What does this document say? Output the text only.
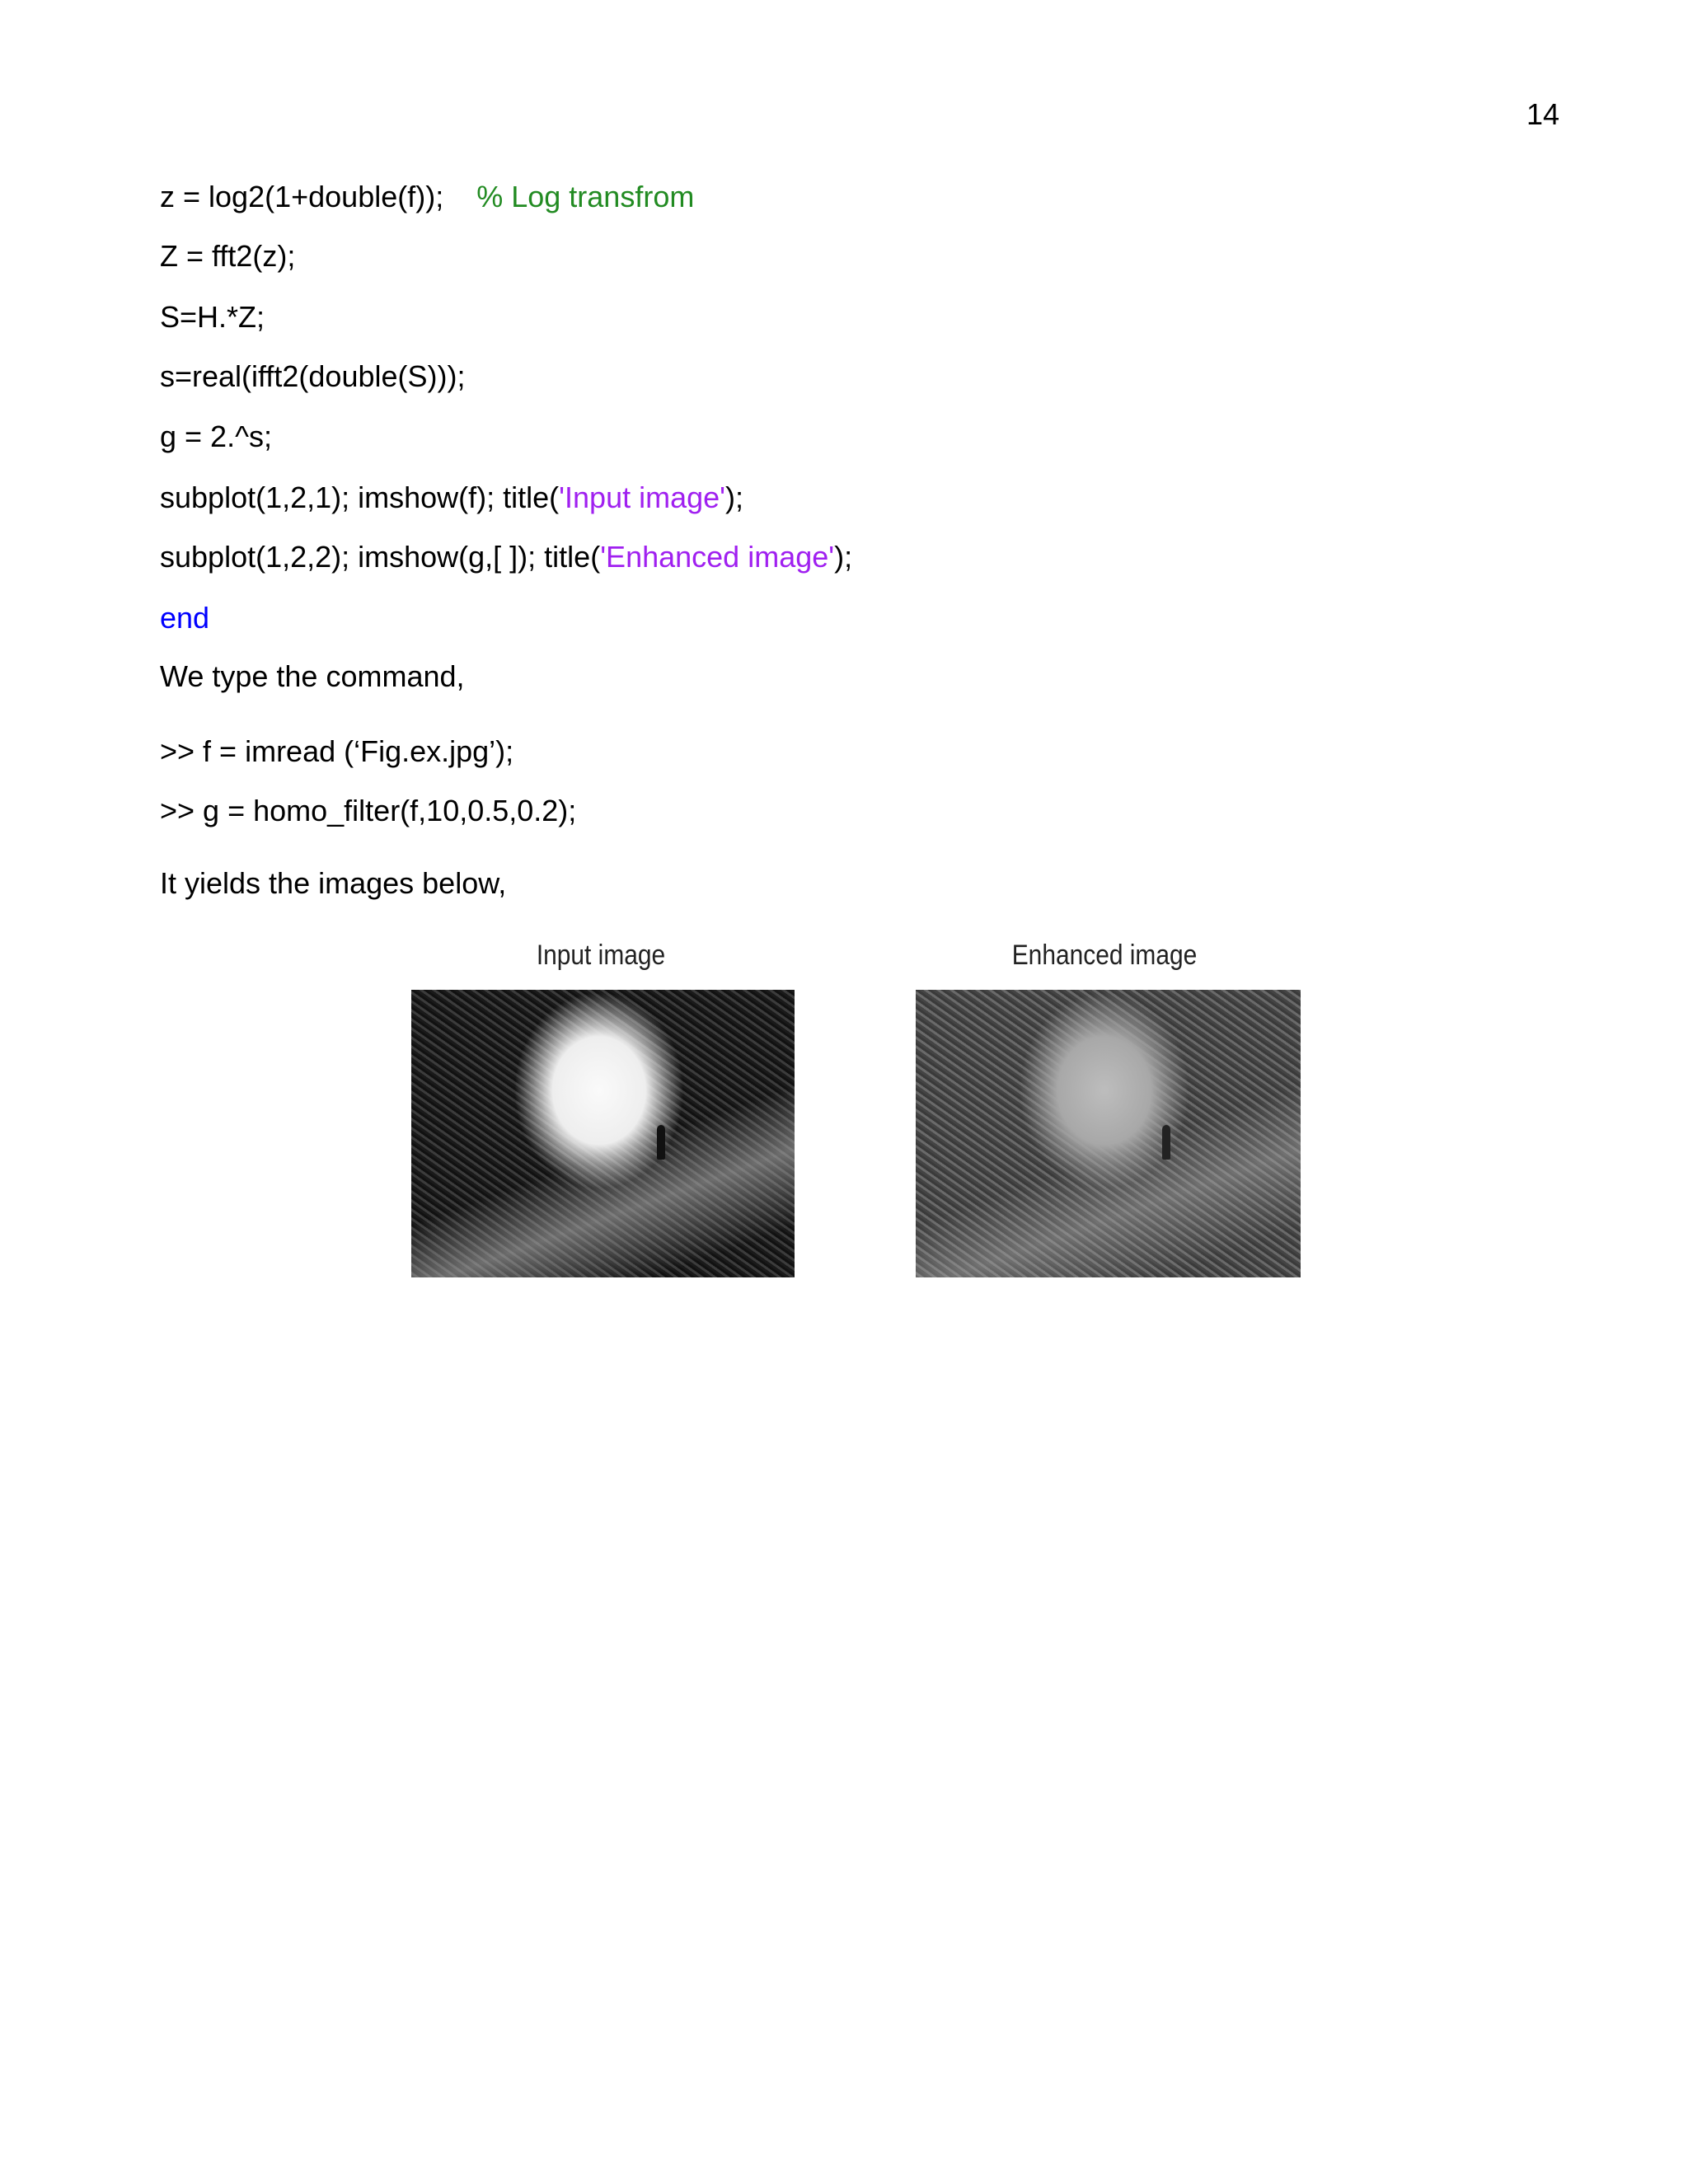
14
z = log2(1+double(f));    % Log transfrom
Z = fft2(z);
S=H.*Z;
s=real(ifft2(double(S)));
g = 2.^s;
subplot(1,2,1); imshow(f); title('Input image');
subplot(1,2,2); imshow(g,[ ]); title('Enhanced image');
end
We type the command,
>> f = imread (‘Fig.ex.jpg’);
>> g = homo_filter(f,10,0.5,0.2);
It yields the images below,
Input image	Enhanced image
